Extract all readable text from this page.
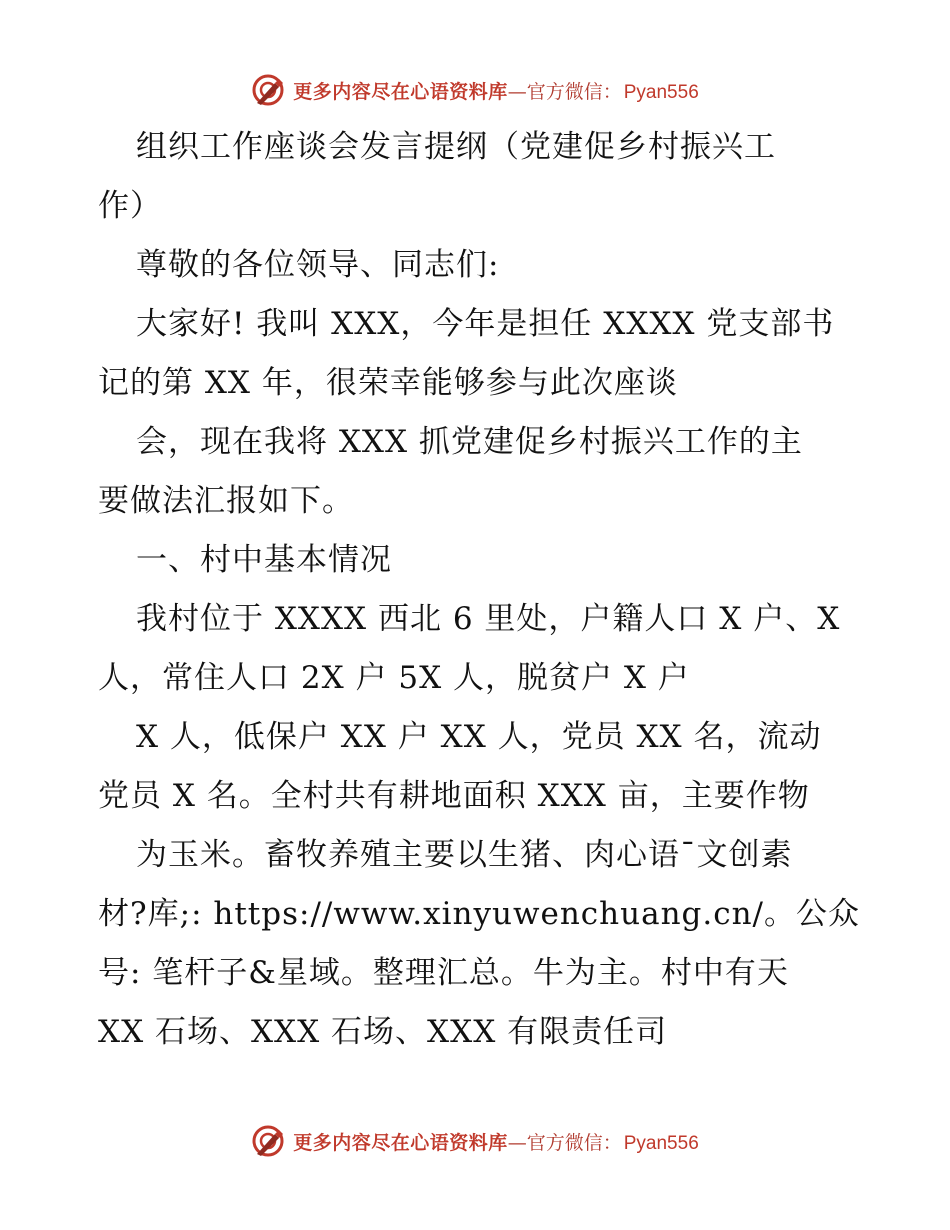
更多内容尽在心语资料库 — 官方微信： Pyan556
组织工作座谈会发言提纲（党建促乡村振兴工
作）
尊敬的各位领导、同志们:
大家好! 我叫 XXX，今年是担任 XXXX 党支部书
记的第 XX 年，很荣幸能够参与此次座谈
会，现在我将 XXX 抓党建促乡村振兴工作的主
要做法汇报如下。
一、村中基本情况
我村位于 XXXX 西北 6 里处，户籍人口 X 户、X
人，常住人口 2X 户 5X 人，脱贫户 X 户
X 人，低保户 XX 户 XX 人，党员 XX 名，流动
党员 X 名。全村共有耕地面积 XXX 亩，主要作物
为玉米。畜牧养殖主要以生猪、肉心语¯文创素
材?库;: https://www.xinyuwenchuang.cn/。公众
号: 笔杆子&星域。整理汇总。牛为主。村中有天
XX 石场、XXX 石场、XXX 有限责任司
更多内容尽在心语资料库 — 官方微信： Pyan556
